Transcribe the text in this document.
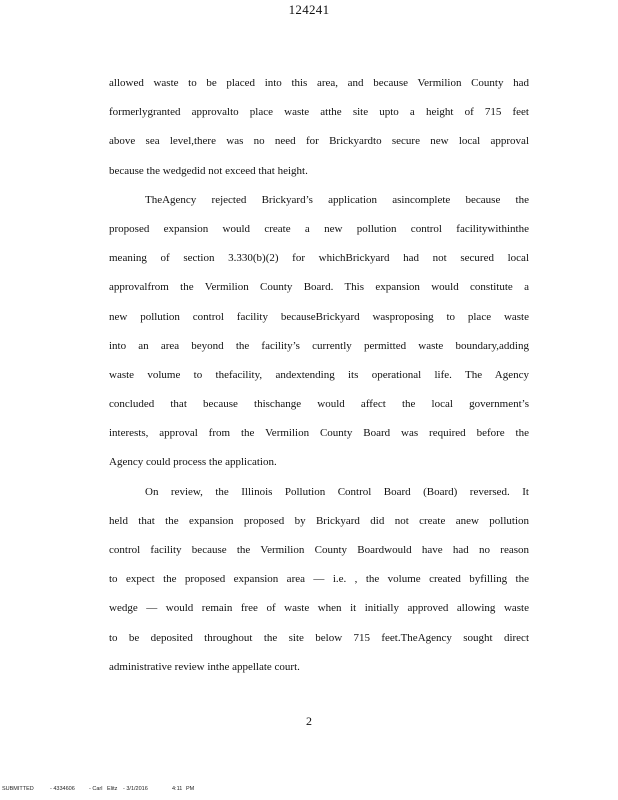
124241
allowed waste to be placed into this area, and because Vermilion County had
formerlygranted approvalto place waste atthe site upto a height of 715 feet
above sea level,there was no need for Brickyardto secure new local approval
because the wedgedid not exceed that height.
TheAgency rejected Brickyard’s application asincomplete because the
proposed expansion would create a new pollution control facilitywithinthe
meaning of section 3.330(b)(2) for whichBrickyard had not secured local
approvalfrom the Vermilion County Board. This expansion would constitute a
new pollution control facility becauseBrickyard wasproposing to place waste
into an area beyond the facility’s currently permitted waste boundary,adding
waste volume to thefacility, andextending its operational life. The Agency
concluded that because thischange would affect the local government’s
interests, approval from the Vermilion County Board was required before the
Agency could process the application.
On review, the Illinois Pollution Control Board (Board) reversed. It
held that the expansion proposed by Brickyard did not create anew pollution
control facility because the Vermilion County Boardwould have had no reason
to expect the proposed expansion area — i.e. , the volume created byfilling the
wedge — would remain free of waste when it initially approved allowing waste
to be deposited throughout the site below 715 feet.TheAgency sought direct
administrative review inthe appellate court.
2
SUBMITTED	- 4334606	- Carl Elitz - 3/1/2016	4:11 PM
